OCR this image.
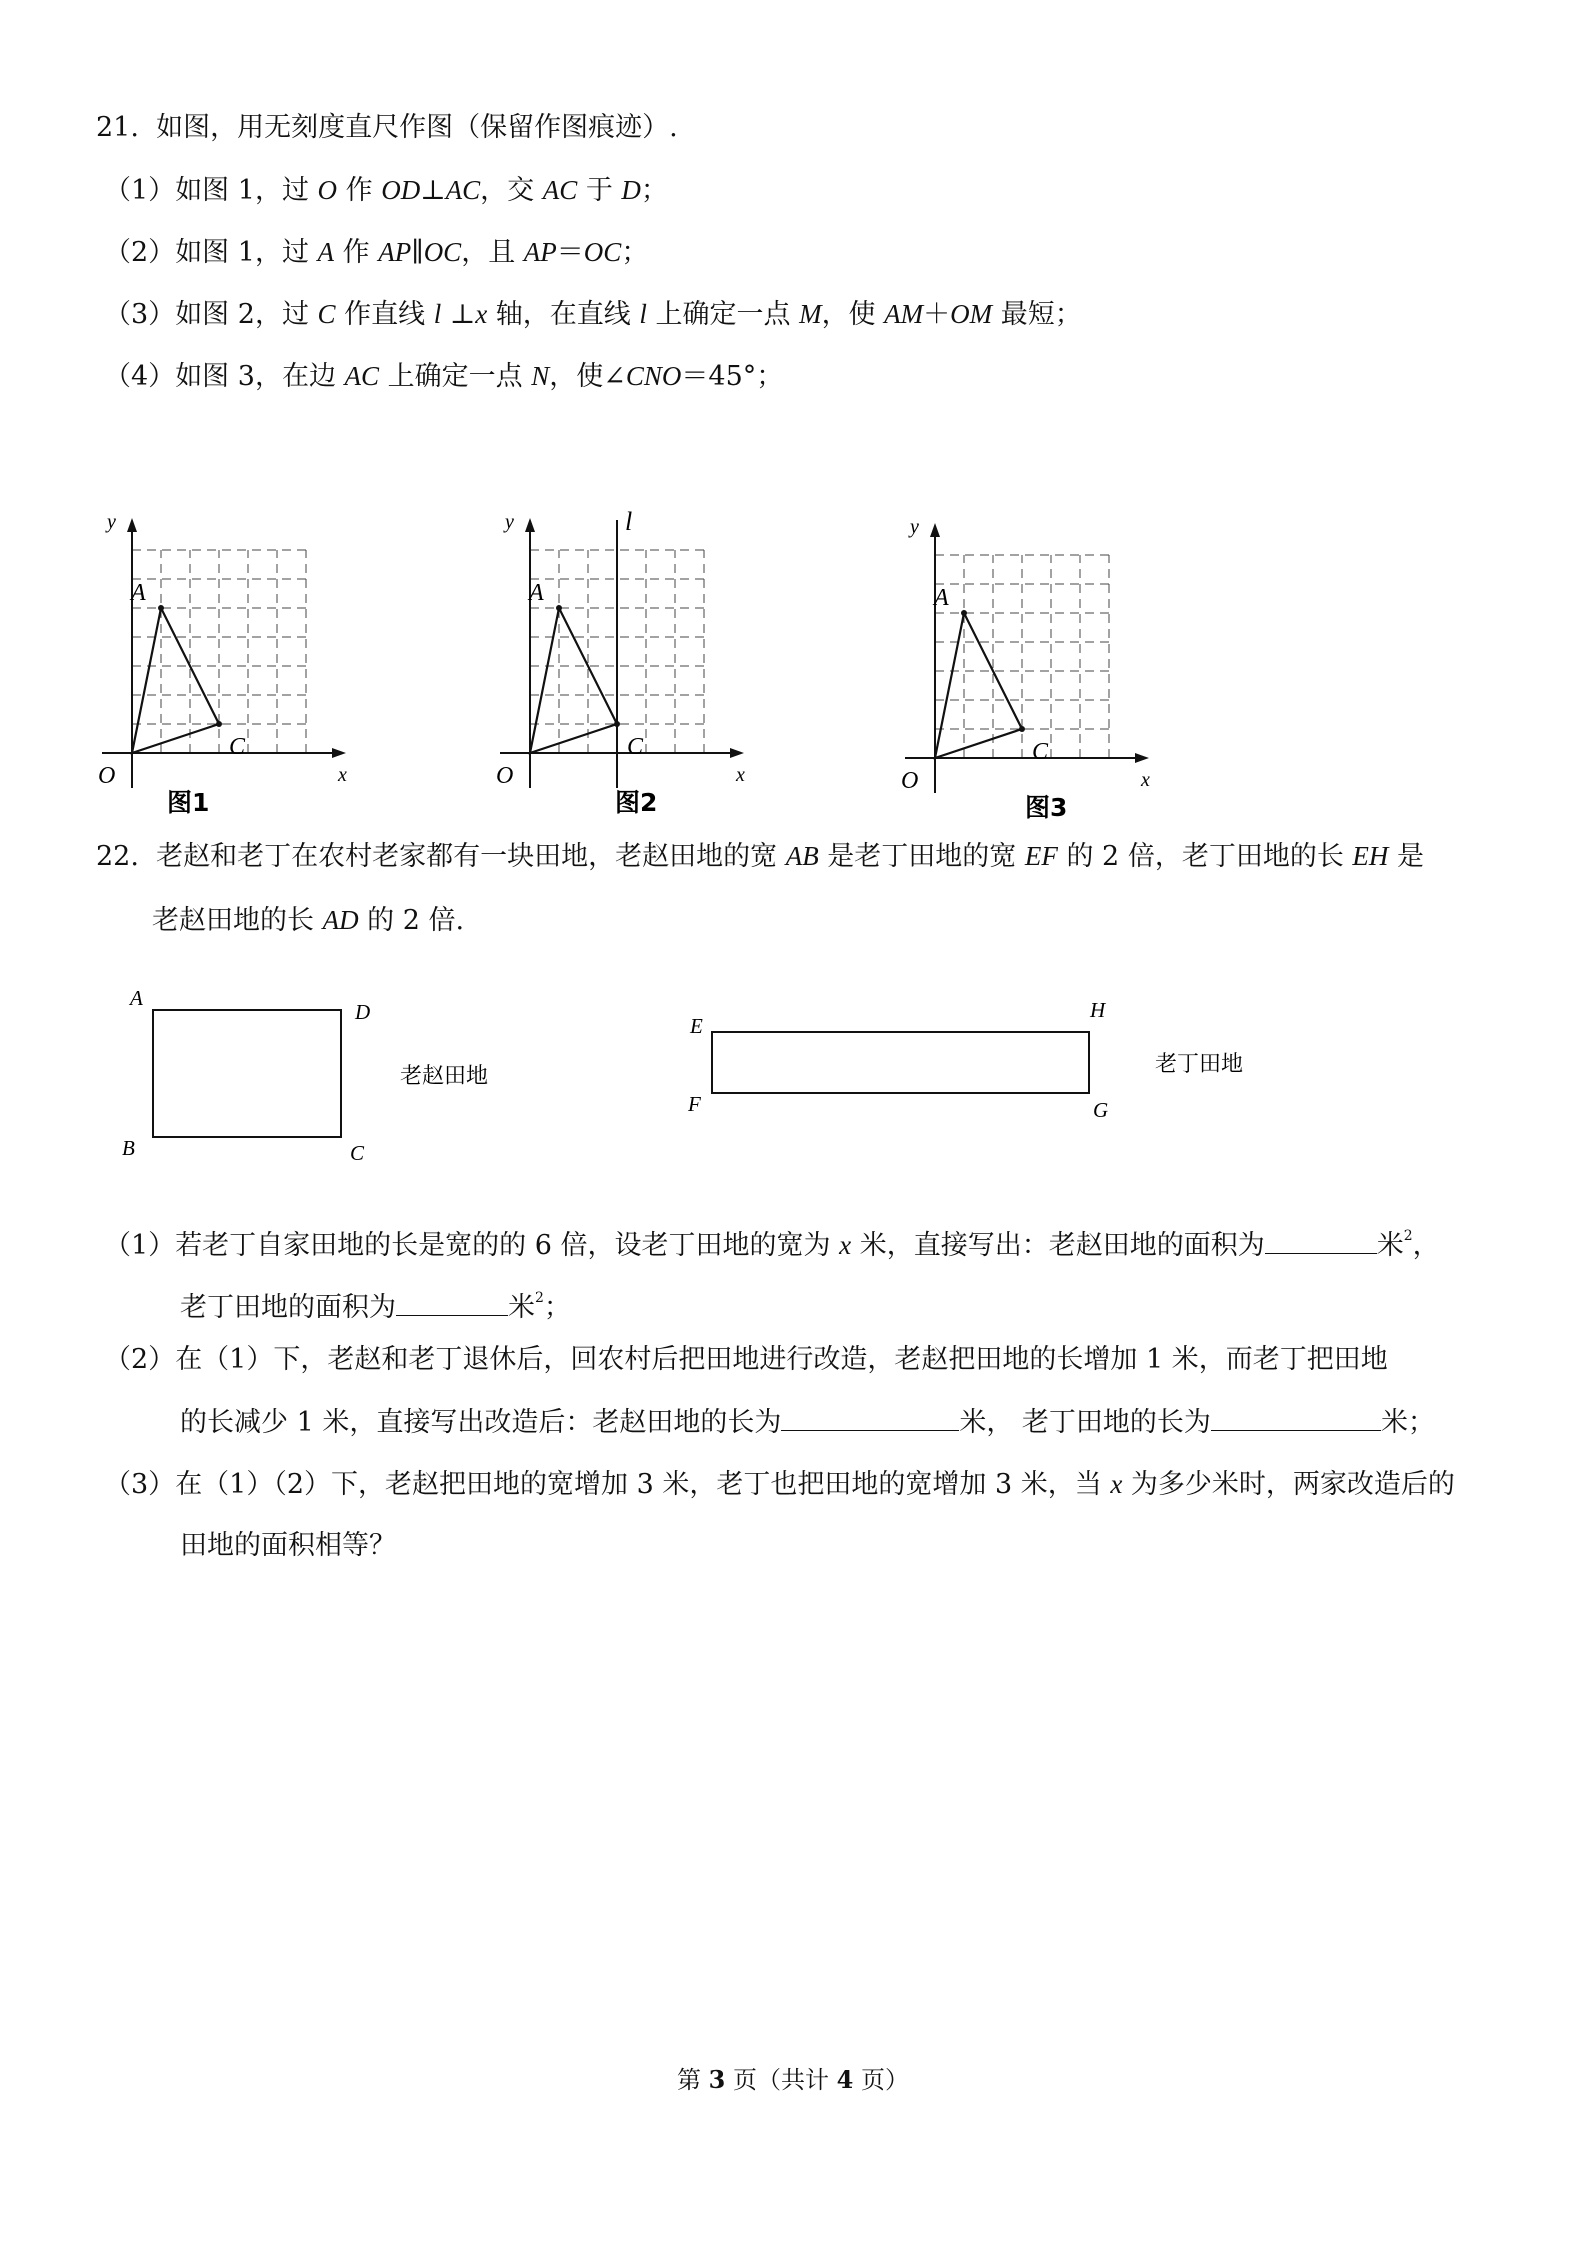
21. 如图，用无刻度直尺作图（保留作图痕迹）.
（1）如图 1，过 O 作 OD⊥AC，交 AC 于 D；
（2）如图 1，过 A 作 AP∥OC，且 AP＝OC；
（3）如图 2，过 C 作直线 l ⊥x 轴，在直线 l 上确定一点 M，使 AM＋OM 最短；
（4）如图 3，在边 AC 上确定一点 N，使∠CNO＝45°；
A
C
O	x
y
图1
l
A
C
O	x
y
图2
A
C
O	x
y
图3
22. 老赵和老丁在农村老家都有一块田地，老赵田地的宽 AB 是老丁田地的宽 EF 的 2 倍，老丁田地的长 EH 是
老赵田地的长 AD 的 2 倍.
A
D
B	C
老赵田地
E
H
F	G
老丁田地
（1）若老丁自家田地的长是宽的的 6 倍，设老丁田地的宽为 x 米，直接写出：老赵田地的面积为	米$^2$，
老丁田地的面积为	米$^2$；
（2）在（1）下，老赵和老丁退休后，回农村后把田地进行改造，老赵把田地的长增加 1 米，而老丁把田地
的长减少 1 米，直接写出改造后：老赵田地的长为	米， 老丁田地的长为	米；
（3）在（1）（2）下，老赵把田地的宽增加 3 米，老丁也把田地的宽增加 3 米，当 x 为多少米时，两家改造后的
田地的面积相等？
第 3 页（共计 4 页）
